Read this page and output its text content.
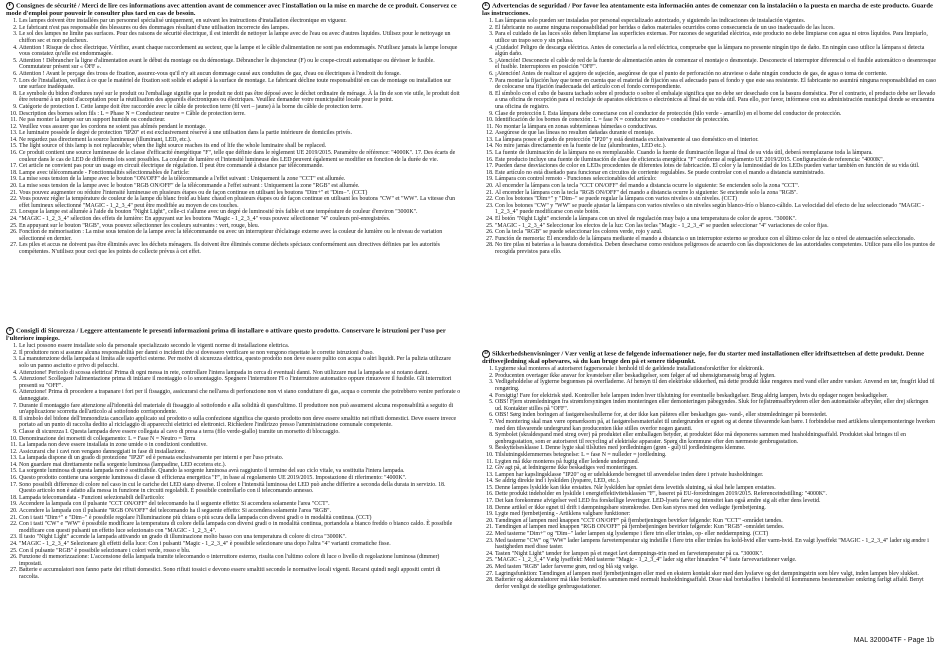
F Consignes de sécurité / Merci de lire ces informations avec attention avant de commencer avec l'installation ou la mise en marche de ce produit. Conservez ce mode d'emploi pour pouvoir le consulter plus tard en cas de besoin.
1. Les lampes doivent être installées par un personnel spécialisé uniquement, en suivant les instructions d'installation électronique en vigueur.
2. Le fabricant n'est pas responsable des blessures ou des dommages résultant d'une utilisation incorrecte des lampes.
3. Le sol des lampes ne limite pas surfaces. Pour des raisons de sécurité électrique, il est interdit de nettoyer la lampe avec de l'eau ou avec d'autres liquides. Utilisez pour le nettoyage un chiffon sec et non pelucheux.
4. Attention ! Risque de choc électrique. Vérifiez, avant chaque raccordement au secteur, que la lampe et le câble d'alimentation ne sont pas endommagés. N'utilisez jamais la lampe lorsque vous constatez qu'elle est endommagée.
5. Attention ! Débrancher la ligne d'alimentation avant le début du montage ou du démontage. Débrancher le disjoncteur (F) ou le coupe-circuit automatique ou dévisser le fusible. Commutateur présent sur « OFF ».
6. Attention ! Avant le perçage des trous de fixation, assurez-vous qu'il n'y ait aucun dommage causé aux conduites de gaz, d'eau ou électriques à l'endroit du forage.
7. Lors de l'installation, veillez à ce que le matériel de fixation soit solide et adapté à la surface de montage. Le fabricant décline toute responsabilité en cas de montage ou installation sur une surface inadéquate.
8. Le symbole du bidon d'ordures rayé sur le produit ou l'emballage signifie que le produit ne doit pas être déposé avec le déchet ordinaire de ménage. À la fin de son vie utile, le produit doit être retourné à un point d'acceptation pour la réutilisation des appareils électroniques ou électriques. Veuillez demander votre municipalité locale pour le point.
9. Catégorie de protection I. Cette lampe doit être raccordée avec le câble de protection terre (fil vert – jaune) à la borne du câble de protection terre.
10. Description des bornes selon fils : L = Phase N = Conducteur neutre = Câble de protection terre.
11. Ne pas monter la lampe sur un support humide ou conducteur.
12. Veuillez vous assurer que les cordons ne soient pas abîmés pendant le montage.
13. Le luminaire possède le degré de protection "IP20" et est exclusivement réservé à une utilisation dans la partie intérieure de domiciles privés.
14. Ne regardez pas directement la source lumineuse (illuminant, LED, etc.).
15. The light source of this lamp is not replaceable; when the light source reaches its end of life the whole luminaire shall be replaced.
16. Ce produit contient une source lumineuse de la classe d'efficacité énergétique "F", telle que définie dans le règlement UE 2019/2015. Paramètre de référence: "4000K". 17. Des écarts de couleur dans le cas de LED de différents lots sont possibles. La couleur de lumière et l'intensité lumineuse des LED peuvent également se modifier en fonction de la durée de vie.
17. Cet article ne convient pas pour un usage en circuit électrique de régulation. Il peut être commandé à distance par télécommande.
18. Lampe avec télécommande - Fonctionnalités sélectionnables de l'article:
19. La mise sous tension de la lampe avec le bouton "ON/OFF" de la télécommande a l'effet suivant : Uniquement la zone "CCT" est allumée.
20. La mise sous tension de la lampe avec le bouton "RGB ON/OFF" de la télécommande a l'effet suivant : Uniquement la zone "RGB" est allumée.
21. Vous pouvez augmenter ou réduire l'intensité lumineuse en plusieurs étapes ou de façon continue en utilisant les boutons "Dim+" et "Dim−". (CCT)
22. Vous pouvez régler la température de couleur de la lampe du blanc froid au blanc chaud en plusieurs étapes ou de façon continue en utilisant les boutons "CW" et "WW". La vitesse d'un effet lumineux sélectionné "MAGIC - 1_2_3_4" peut être modifiée au moyen de ces touches.
23. Lorsque la lampe est allumée à l'aide du bouton "Night Light", celle-ci s'allume avec un degré de luminosité très faible et une température de couleur d'environ "3000K".
24. "MAGIC - 1_2_3_4" sélection des effets de lumière: En appuyant sur les boutons "Magic - 1_2_3_4" vous pouvez sélectionner "4" couleurs pré-enregistrées.
25. En appuyant sur le bouton "RGB", vous pouvez sélectionner les couleurs suivantes : vert, rouge, bleu.
26. Fonction de mémorisation : La mise sous tension de la lampe avec la télécommande ou avec un interrupteur d'éclairage externe avec la couleur de lumière ou le niveau de variation sélectionné en dernier.
27. Les piles et accus ne doivent pas être éliminés avec les déchets ménagers. Ils doivent être éliminés comme déchets spéciaux conformément aux directives définies par les autorités compétentes. N'utilisez pour ceci que les points de collecte prévus à cet effet.
I Consigli di Sicurezza / Leggere attentamente le presenti informazioni prima di installare o attivare questo prodotto. Conservare le istruzioni per l'uso per l'ulteriore impiego.
1. Le luci possono essere installate solo da personale specializzato secondo le vigenti norme di installazione elettrica.
2. Il produttore non si assume alcuna responsabilità per danni o incidenti che si dovessero verificare se non vengono rispettate le corrette istruzioni d'uso.
3. La manutenzione della lampada si limita alle superfici esterne. Per motivi di sicurezza elettrica, questo prodotto non deve essere pulito con acqua o altri liquidi. Per la pulizia utilizzare solo un panno asciutto e privo di pelucchi.
4. Attenzione! Pericolo di scossa elettrica! Prima di ogni messa in rete, controllare l'intera lampada in cerca di eventuali danni. Non utilizzare mai la lampada se si notano danni.
5. Attenzione! Scollegare l'alimentazione prima di iniziare il montaggio o lo smontaggio. Spegnere l'interruttore FI o l'interruttore automatico oppure rimuovere il fusibile. Gli interruttori presenti su "OFF".
6. Attenzione! Prima di procedere a trapanare i fori per il fissaggio, assicurarsi che nell'area di perforazione non vi siano condutture di gas, acqua o corrente che potrebbero venire perforate o danneggiate.
7. Durante il montaggio fare attenzione all'idoneità del materiale di fissaggio al sottofondo e alla solidità di quest'ultimo. Il produttore non può assumersi alcuna responsabilità a seguito di un'applicazione scorretta dell'articolo al sottofondo corrispondente.
8. Il simbolo del bidone dell'immondizia cancellato applicato sul prodotto o sulla confezione significa che questo prodotto non deve essere smaltito nei rifiuti domestici. Deve essere invece portato ad un punto di raccolta dedito al riciclaggio di apparecchi elettrici ed elettronici. Richiedere l'indirizzo presso l'amministrazione comunale competente.
9. Classe di sicurezza I. Questa lampada deve essere collegata al cavo di presa a terra (filo verde-giallo) tramite un morsetto di bloccaggio.
10. Denominazione dei morsetti di collegamento: L = Fase N = Neutro = Terra
11. La lampada non deve essere installata in zone umide o in condizioni conduttive.
12. Assicurarsi che i cavi non vengano danneggiati in fase di installazione.
13. La lampada dispone di un grado di protezione "IP20" ed è pensata esclusivamente per interni e per l'uso privato.
14. Non guardare mai direttamente nella sorgente luminosa (lampadine, LED eccetera etc.).
15. La sorgente luminosa di questa lampada non è sostituibile. Quando la sorgente luminosa avrà raggiunto il termine del suo ciclo vitale, va sostituita l'intera lampada.
16. Questo prodotto contiene una sorgente luminosa di classe di efficienza energetica "F", in base al regolamento UE 2019/2015. Impostazione di riferimento: "4000K".
17. Sono possibili differenze di colore nel caso in cui le cariche dei LED siano diverse. Il colore e l'intensità luminosa dei LED può anche differire a seconda della durata in servizio. 18. Questo articolo non è adatto alla messa in funzione in circuiti regolabili. È possibile controllarlo con il telecomando annesso.
18. Lampada telecomandata - Funzioni selezionabili dell'articolo:
19. Accendere la lampada con il pulsante "CCT ON/OFF" del telecomando ha il seguente effetto: Si accendera solamente l'area "CCT".
20. Accendere la lampada con il pulsante "RGB ON/OFF" del telecomando ha il seguente effetto: Si accendera solamente l'area "RGB".
21. Con i tasti "Dim+" e "Dim−" è possibile regolare l'illuminazione più chiara o più scura della lampada con diversi gradi o in modalità continua. (CCT)
22. Con i tasti "CW" e "WW" è possibile modificare la temperatura di colore della lampada con diversi gradi o in modalità continua, portandola a bianco freddo o bianco caldo. È possibile modificare con questi pulsanti un effetto luce selezionato con "MAGIC - 1_2_3_4".
23. Il tasto "Night Light" accende la lampada attivando un grado di illuminazione molto basso con una temperatura di colore di circa "3000K".
24. "MAGIC - 1_2_3_4" Selezionare gli effetti della luce: Con i pulsanti "Magic - 1_2_3_4" è possibile selezionare una dopo l'altra "4" varianti cromatiche fisse.
25. Con il pulsante "RGB" è possibile selezionare i colori verde, rosso e blu.
26. Funzione di memorizzazione: L'accensione della lampada tramite telecomando o interruttore esterno, risulta con l'ultimo colore di luce o livello di regolazione luminosa (dimmer) impostati.
27. Batterie e accumulatori non fanno parte dei rifiuti domestici. Sono rifiuti tossici e devono essere smaltiti secondo le normative locali vigenti. Recarsi quindi negli appositi centri di raccolta.
E Advertencias de seguridad / Por favor lea atentamente esta información antes de comenzar con la instalación o la puesta en marcha de este producto. Guarde las instrucciones.
1. Las lámparas solo pueden ser instaladas por personal especializado autorizado, y siguiendo las indicaciones de instalación vigentes.
2. El fabricante no asume ninguna responsabilidad por heridas o daños materiales ocurridos como consecuencia de un uso inadecuado de las luces.
3. Para el cuidado de las luces sólo deben limpiarse las superficies externas. Por razones de seguridad eléctrica, este producto no debe limpiarse con agua ni otros líquidos. Para limpiarlo, utilice un trapo seco y sin pelusa.
4. ¡Cuidado! Peligro de descarga eléctrica. Antes de conectarla a la red eléctrica, compruebe que la lámpara no presente ningún tipo de daño. En ningún caso utilice la lámpara si detecta algún daño.
5. ¡Atención! Desconecte el cable de red de la fuente de alimentación antes de comenzar el montaje o desmontaje. Desconecte el interruptor diferencial o el fusible automático o desenrosque el fusible. Interruptores en posición "OFF".
6. ¡Atención! Antes de realizar el agujero de sujeción, asegúrese de que el punto de perforación no atraviese o dañe ningún conducto de gas, de agua o toma de corriente.
7. Para montar la fijación hay que tener en cuenta que el material de fijación sea el adecuado para el fondo y que este sea resistente. El fabricante no asumirá ninguna responsabilidad en caso de colocarse una fijación inadecuada del artículo con el fondo correspondiente.
8. El símbolo con el cubo de basura tachado sobre el producto o sobre el embalaje significa que no debe ser desechado con la basura doméstica. Por el contrario, el producto debe ser llevado a una oficina de recepción para el reciclaje de aparatos eléctricos o electrónicos al final de su vida útil. Para ello, por favor, infórmese con su administración municipal donde se encuentra una oficina de registro.
9. Clase de protección I. Esta lámpara debe conectarse con el conductor de protección (hilo verde - amarillo) en el borne del conductor de protección.
10. Identificación de los bornes de conexión: L = fase N = conductor neutro = conductor de protección.
11. No montar la lámpara en zonas subterráneas húmedas o conductivas.
12. Asegúrese de que las líneas no resulten dañadas durante el montaje.
13. La lámpara posee el grado de protección "IP20" y está destinada exclusivamente al uso doméstico en el interior.
14. No mire jamás directamente en la fuente de luz (alumbrantes, LED etc.).
15. La fuente de iluminación de la lámpara no es reemplazable. Cuando la fuente de iluminación llegue al final de su vida útil, deberá reemplazarse toda la lámpara.
16. Este producto incluye una fuente de iluminación de clase de eficiencia energética "F" conforme al reglamento UE 2019/2015. Configuración de referencia: "4000K".
17. Pueden darse desviaciones de color en LEDs procedentes de diferentes lotes de fabricación. El color y la luminosidad de los LEDs pueden variar también en función de su vida útil.
18. Este artículo no está diseñado para funcionar en circuitos de corriente regulables. Se puede controlar con el mando a distancia suministrado.
19. Lámpara con control remoto - Funciones seleccionables del artículo:
20. Al encender la lámpara con la tecla "CCT ON/OFF" del mando a distancia ocurre lo siguiente: Se encienden solo la zona "CCT".
21. Al encender la lámpara con la tecla "RGB ON/OFF" del mando a distancia ocurre lo siguiente: Se enciende solo la zona "RGB".
22. Con los botones "Dim+" y "Dim−" se puede regular la lámpara con varios niveles o sin niveles. (CCT)
23. Con los botones "CW" y "WW" se puede ajustar la lámpara con varios niveles o sin niveles según blanco-frío o blanco-cálido. La velocidad del efecto de luz seleccionado "MAGIC - 1_2_3_4" puede modificarse con este botón.
24. El botón "Night Light" enciende la lámpara con un nivel de regulación muy bajo a una temperatura de color de aprox. "3000K".
25. "MAGIC - 1_2_3_4" Seleccionar los efectos de la luz: Con las teclas "Magic - 1_2_3_4" se pueden seleccionar "4" variaciones de color fijas.
26. Con la tecla "RGB" se puede seleccionar los colores verde, rojo y azul.
27. Función de memoria: El encendido de la lámpara mediante el mando a distancia o un interruptor externo se produce con el último color de luz o nivel de atenuación seleccionado.
28. No tire pilas ni baterías a la basura doméstica. Deben desecharse como residuos peligrosos de acuerdo con las disposiciones de las autoridades competentes. Utilice para ello los puntos de recogida previstos para ello.
D Sikkerhedshenvisninger / Vær venlig at læse de følgende informationer nøje, for du starter med installationen eller idriftsættelsen af dette produkt. Denne driftsvejledning skal opbevares, så du kan bruge den på et senere tidspunkt.
1. Lygterne skal monteres af autoriseret fagpersonale i henhold til de gældende installationsforskrifter for elektronik.
2. Producenten overtager ikke ansvar for kvæstelser eller beskadigelser, som følger af ud uhensigtsmæssig brug af lygten.
3. Vedligeholdelse af lygterne begrænses på overfladerne. Af hensyn til den elektriske sikkerhed, må dette produkt ikke rengøres med vand eller andre væsker. Anvend en tør, fnugfri klud til rengøring.
4. Forsigtig! Fare for elektrisk stød. Kontroller hele lampen inden hver tilslutning for eventuelle beskadigelser. Brug aldrig lampen, hvis du opdager nogen beskadigelser.
5. OBS! Fjern strømledningen fra strømforsyningen inden monteringen eller demonteringen påbegyndes. Sluk for fejlstrømsafbryderen eller den automatiske afbryder, eller drej sikringen ud. Kontakter stilles på "OFF".
6. OBS! Sørg inden boringen af fastgørelseshullerne for, at der ikke kan påføres eller beskadiges gas- vand-, eller strømledninger på borestedet.
7. Ved montering skal man være opmærksom på, at fastgørelsesmaterialet til undergrunden er egnet og at denne tilsvarende kan bære. I forbindelse med artiklens ulempemonteringe hverken med den tilsvarende undergrund kan producenten ikke stilles overfor nogen garanti.
8. Symbolet (skraldespand med streg over) på produktet eller emballagen betyder, at produktet ikke må deponeres sammen med husholdningsaffald. Produktet skal bringes til en genbrugsstation, som er autoriseret til recycling af elektriske apparater. Spørg din kommune efter den nærmeste genbrugsstation.
9. Beskyttelsesklasse I. Denne lygte skal tilsluttes med jordledningen (grøn - gul) til jordledningens klemme.
10. Tilslutningsklemmernes betegnelse: L = fase N = nulleder = jordledning.
11. Lygten må ikke monteres på fugtig eller ledende undergrund.
12. Giv agt på, at ledningerne ikke beskadiges ved monteringen.
13. Lampen har kapslingsklasse "IP20" og er udelukkende beregnet til anvendelse inden døre i private husholdninger.
14. Se aldrig direkte ind i lyskilden (lyspære, LED, etc.).
15. Denne lampes lyskilde kan ikke erstattes. Når lyskilden har opnået dens levetids slutning, så skal hele lampen erstattes.
16. Dette produkt indeholder en lyskilde i energieffektivitetsklassen "F", baseret på EU-forordningen 2019/2015. Referenceindstilling: "4000K".
17. Det kan forekomme afvigelser ved LED fra forskellige leveringer. LED-lysets farve og intensitet kan også ændre sig alt efter dens levetid.
18. Denne artikel er ikke egnet til drift i dæmpningsbare strømkredse. Den kan styres med den vedlagte fjernbetjening.
19. Lygte med fjernbetjening - Artiklens valgbare funktioner:
20. Tændingen af lampen med knappen "CCT ON/OFF" på fjernbetjeningen bevirker følgende: Kun "CCT" -området tændes.
21. Tændingen af lampen med knappen "RGB ON/OFF" på fjernbetjeningen bevirker følgende: Kun "RGB" -området tændes.
22. Med tasterne "Dim+" og "Dim−" lader lampen sig lysdæmpe i flere trin eller trinløs, op- eller neddæmpning. (CCT)
23. Med tasterne "CW" og "WW" lader lampens farvetemperatur sig indstille i flere trin eller trinløs fra kold-hvid eller varm-hvid. En valgt lyseffekt "MAGIC - 1_2_3_4" lader sig ændre i hastigheden med disse taster.
24. Tasten "Night Light" tænder for lampen på et meget lavt dæmpnings-trin med en farvetemperatur på ca. "3000K".
25. "MAGIC - 1_2_3_4" Vælg lyseffekt: Med tasterne "Magic - 1_2_3_4" lader sig efter hinanden "4" faste farvevariationer vælge.
26. Med tasten "RGB" lader farverne grøn, rød og blå sig vælge.
27. Lagringsfunktion: Tændingen af lampen med fjernbetjeningen eller med en ekstern kontakt sker med den lysfarve og det dæmpningstrin som blev valgt, inden lampen blev slukket.
28. Batterier og akkumulatorer må ikke bortskaffes sammen med normalt husholdningsaffald. Disse skal bortskaffes i henhold til kommunens bestemmelser omkring farligt affald. Benyt derfor venligst de stedlige genbrugsstationer.
MAL 320004TF - Page 1b
